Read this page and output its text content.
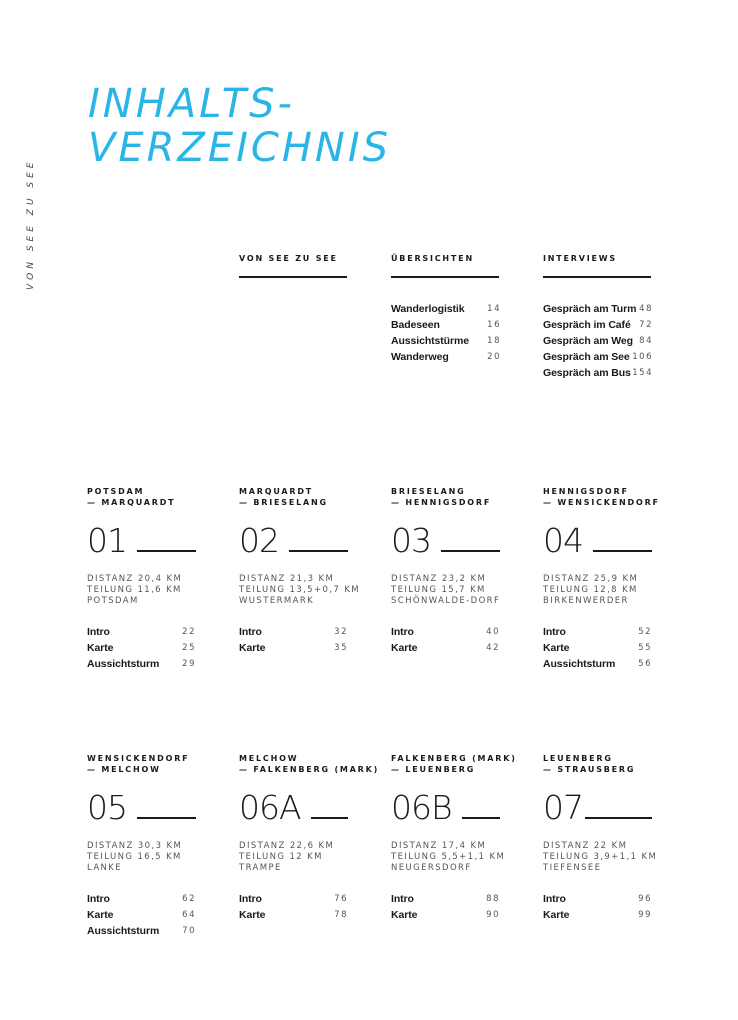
INHALTS-
VERZEICHNIS
VON SEE ZU SEE	VON SEE ZU SEE	ÜBERSICHTEN	INTERVIEWS
Wanderlogistik	14
Badeseen	16
Aussichtstürme 18
Wanderweg	20
Gespräch am Turm 48
Gespräch im Café 72
Gespräch am Weg 84
Gespräch am See 106
Gespräch am Bus 154
POTSDAM
— MARQUARDT
01
DISTANZ 20,4 KM
TEILUNG 11,6 KM
POTSDAM
Intro	22
Karte	25
Aussichtsturm	29
MARQUARDT
— BRIESELANG
02
DISTANZ 21,3 KM
TEILUNG 13,5+0,7 KM
WUSTERMARK
Intro	32
Karte	35
BRIESELANG
— HENNIGSDORF
03
DISTANZ 23,2 KM
TEILUNG 15,7 KM
SCHÖNWALDE-DORF
Intro	40
Karte	42
HENNIGSDORF
— WENSICKENDORF
04
DISTANZ 25,9 KM
TEILUNG 12,8 KM
BIRKENWERDER
Intro	52
Karte	55
Aussichtsturm	56
WENSICKENDORF
— MELCHOW
05
DISTANZ 30,3 KM
TEILUNG 16,5 KM
LANKE
Intro	62
Karte	64
Aussichtsturm	70
MELCHOW
— FALKENBERG (MARK)
06A
DISTANZ 22,6 KM
TEILUNG 12 KM
TRAMPE
Intro	76
Karte	78
FALKENBERG (MARK)
— LEUENBERG
06B
DISTANZ 17,4 KM
TEILUNG 5,5+1,1 KM
NEUGERSDORF
Intro	88
Karte	90
LEUENBERG
— STRAUSBERG
07
DISTANZ 22 KM
TEILUNG 3,9+1,1 KM
TIEFENSEE
Intro	96
Karte	99
